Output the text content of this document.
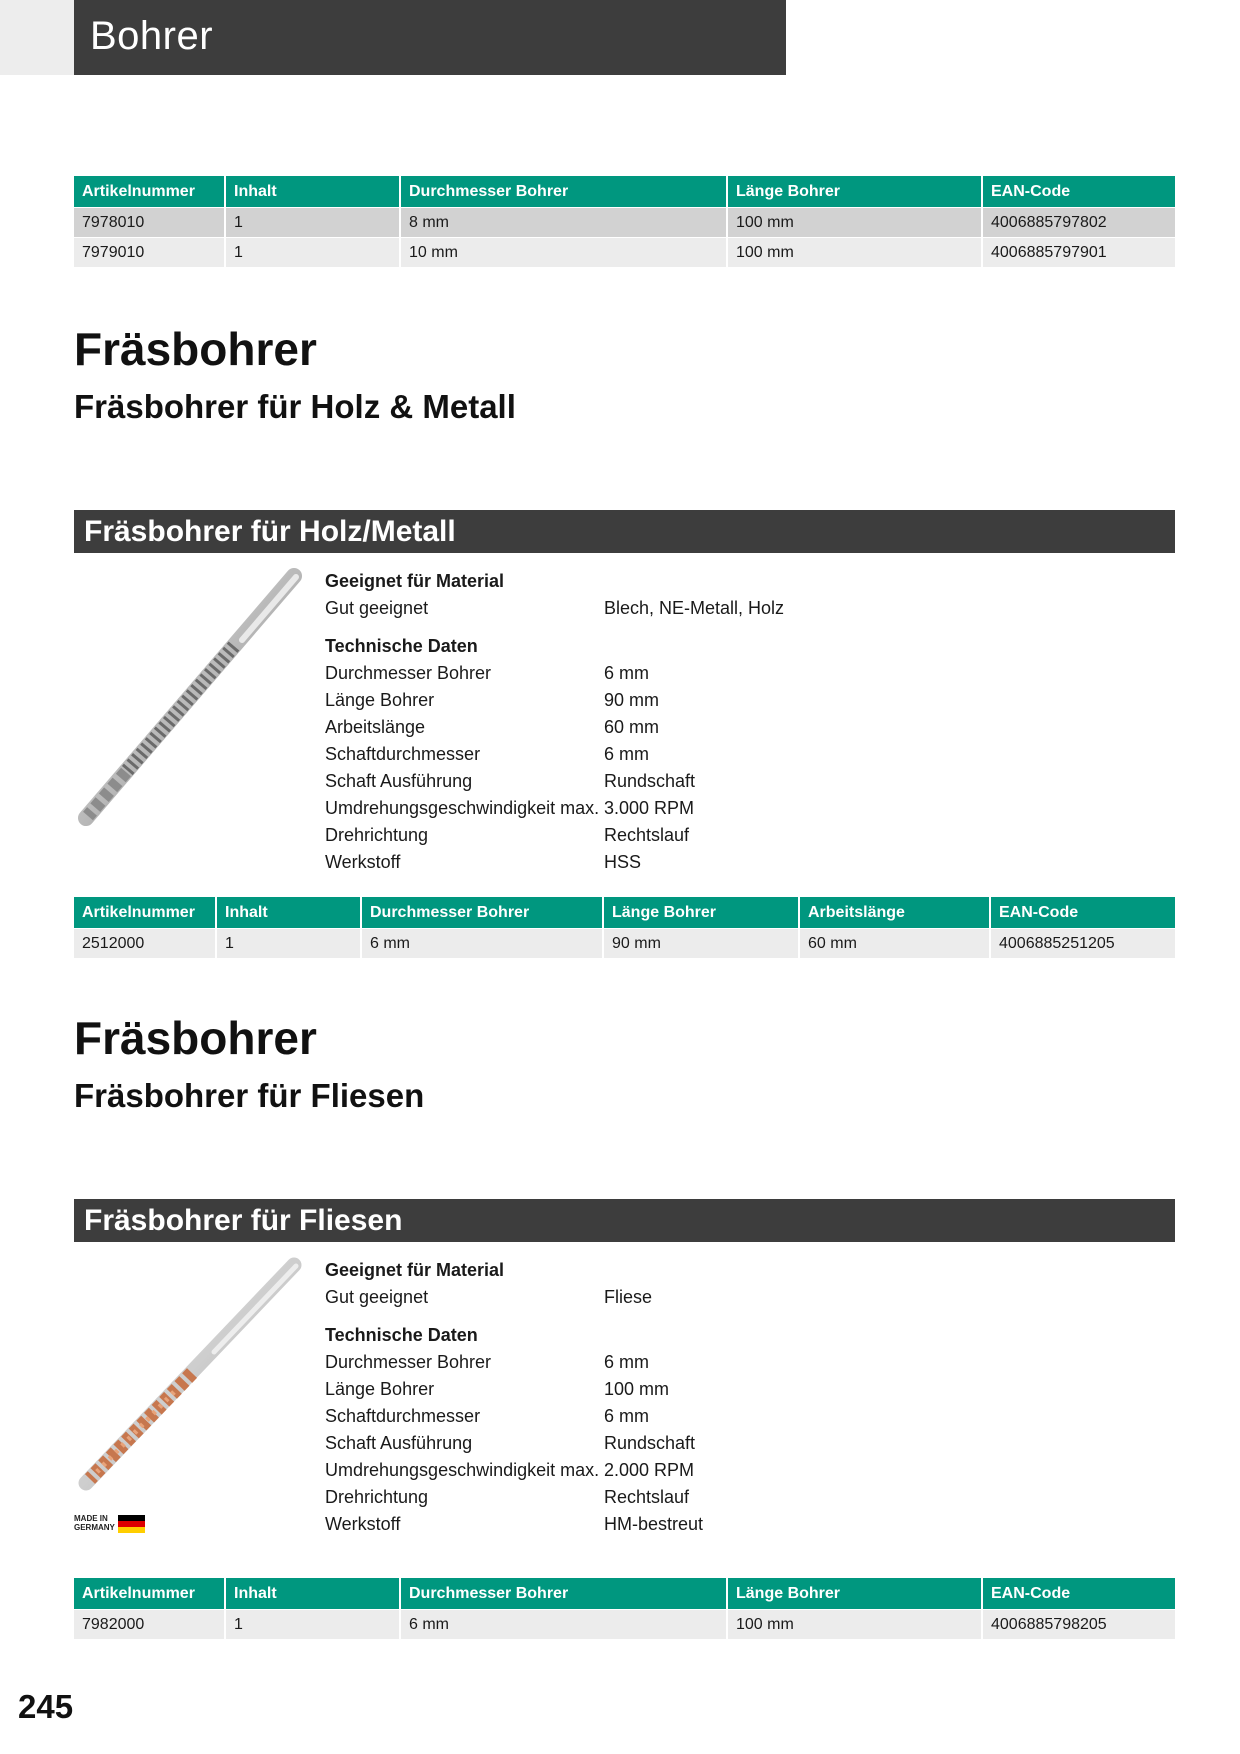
Bohrer
Artikelnummer	Inhalt	Durchmesser Bohrer	Länge Bohrer	EAN-Code
7978010	1	8 mm	100 mm	4006885797802
7979010	1	10 mm	100 mm	4006885797901
Fräsbohrer
Fräsbohrer für Holz & Metall
Fräsbohrer für Holz/Metall
Geeignet für Material
Gut geeignet	Blech, NE-Metall, Holz
Technische Daten
Durchmesser Bohrer	6 mm
Länge Bohrer	90 mm
Arbeitslänge	60 mm
Schaftdurchmesser	6 mm
Schaft Ausführung	Rundschaft
Umdrehungsgeschwindigkeit max. 3.000 RPM
Drehrichtung	Rechtslauf
Werkstoff	HSS
Artikelnummer	Inhalt	Durchmesser Bohrer	Länge Bohrer	Arbeitslänge	EAN-Code
2512000	1	6 mm	90 mm	60 mm	4006885251205
Fräsbohrer
Fräsbohrer für Fliesen
Fräsbohrer für Fliesen
MADE IN
GERMANY
Geeignet für Material
Gut geeignet	Fliese
Technische Daten
Durchmesser Bohrer	6 mm
Länge Bohrer	100 mm
Schaftdurchmesser	6 mm
Schaft Ausführung	Rundschaft
Umdrehungsgeschwindigkeit max. 2.000 RPM
Drehrichtung	Rechtslauf
Werkstoff	HM-bestreut
Artikelnummer	Inhalt	Durchmesser Bohrer	Länge Bohrer	EAN-Code
7982000	1	6 mm	100 mm	4006885798205
245
